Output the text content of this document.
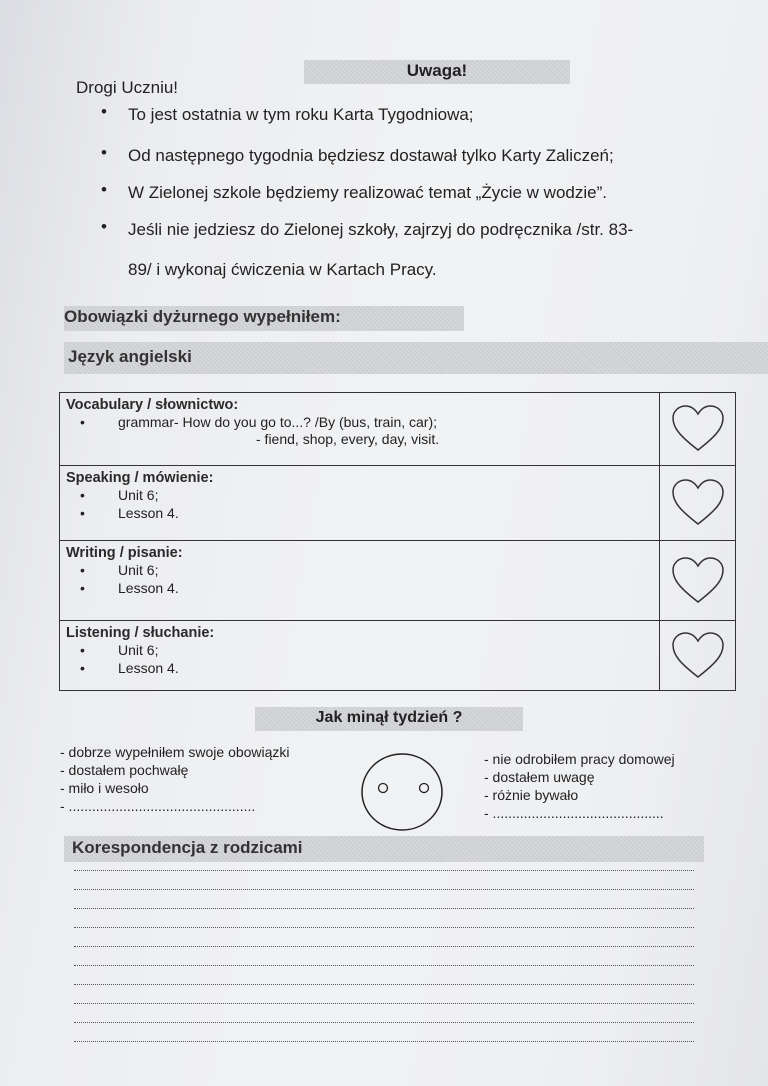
Uwaga!
Drogi Uczniu!
•	To jest ostatnia w tym roku Karta Tygodniowa;
•	Od następnego tygodnia będziesz dostawał tylko Karty Zaliczeń;
•	W Zielonej szkole będziemy realizować temat „Życie w wodzie”.
•	Jeśli nie jedziesz do Zielonej szkoły, zajrzyj do podręcznika /str. 83-
89/ i wykonaj ćwiczenia w Kartach Pracy.
Obowiązki dyżurnego wypełniłem:
Język angielski
Vocabulary / słownictwo:
• grammar- How do you go to...? /By (bus, train, car);
- fiend, shop, every, day, visit.

Speaking / mówienie:
• Unit 6;
• Lesson 4.

Writing / pisanie:
• Unit 6;
• Lesson 4.

Listening / słuchanie:
• Unit 6;
• Lesson 4.

Jak minął tydzień ?
- dobrze wypełniłem swoje obowiązki
- dostałem pochwałę
- miło i wesoło
- ................................................
- nie odrobiłem pracy domowej
- dostałem uwagę
- różnie bywało
- ............................................
Korespondencja z rodzicami
